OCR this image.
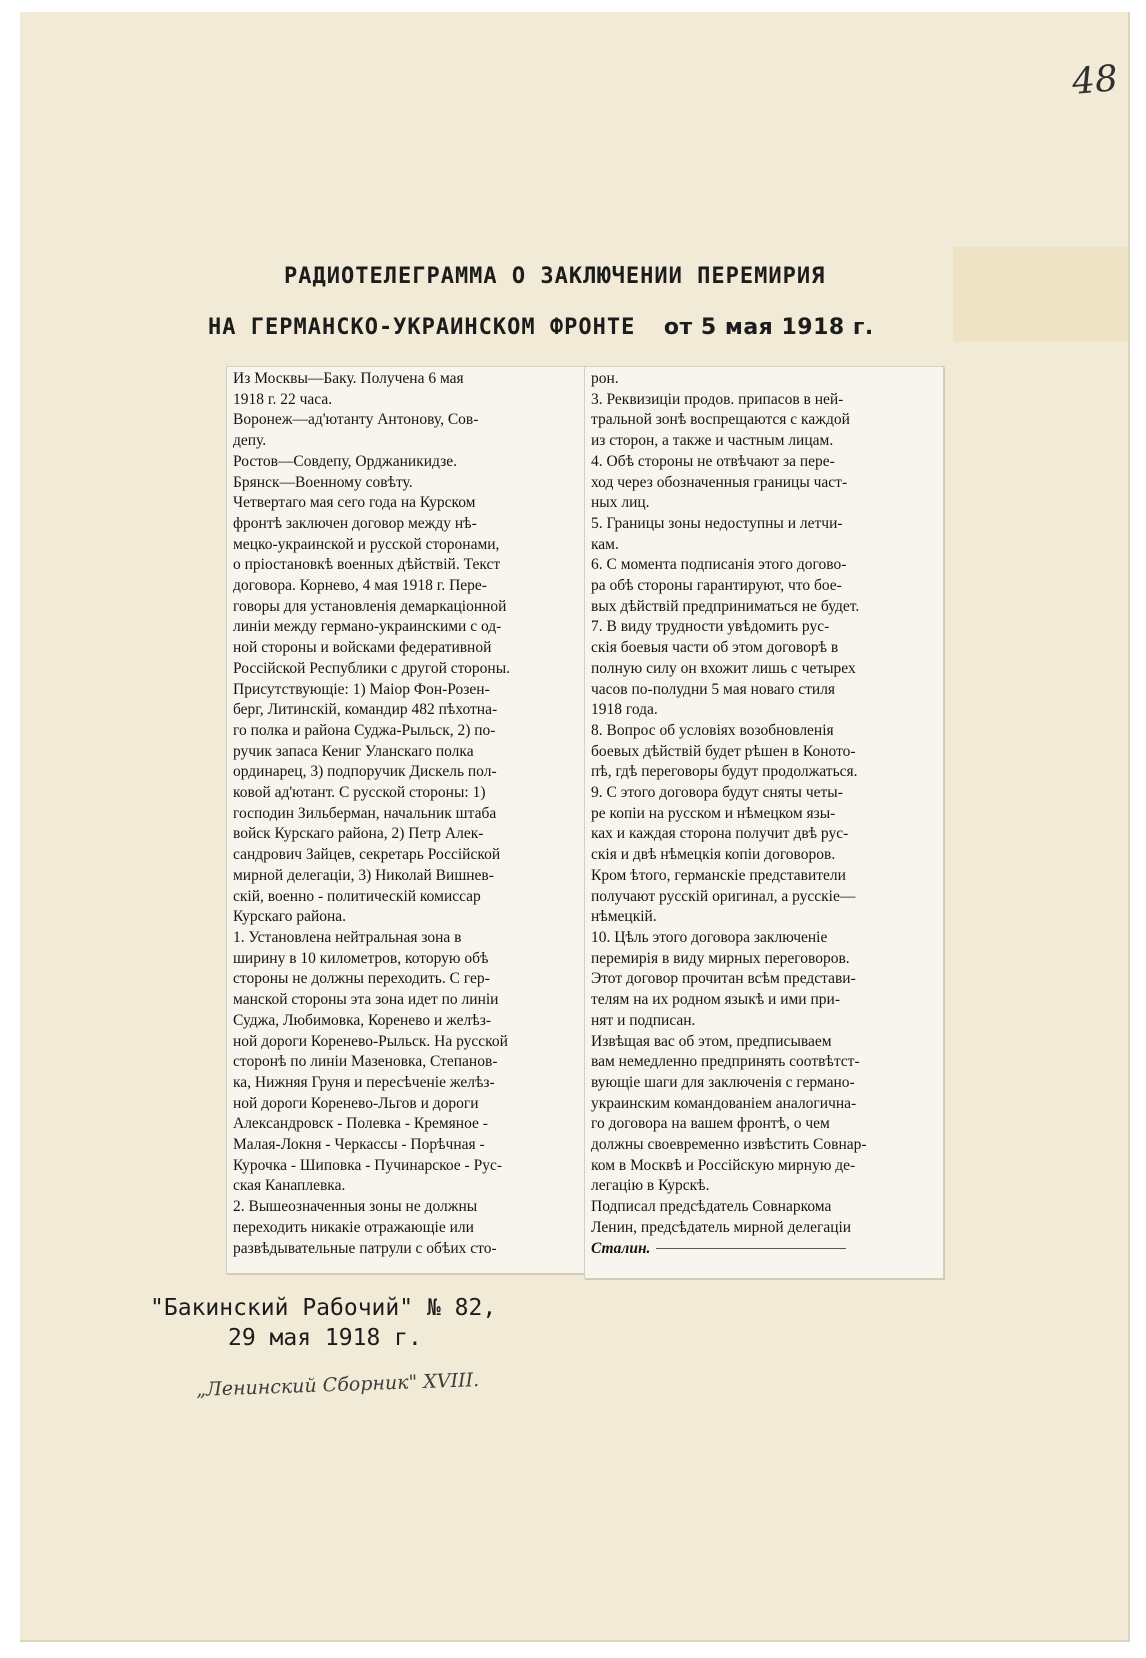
48
РАДИОТЕЛЕГРАММА О ЗАКЛЮЧЕНИИ ПЕРЕМИРИЯ
НА ГЕРМАНСКО-УКРАИНСКОМ ФРОНТЕ от 5 мая 1918 г.
Из Москвы—Баку. Получена 6 мая
1918 г. 22 часа.
Воронеж—ад'ютанту Антонову, Сов-
депу.
Ростов—Совдепу, Орджаникидзе.
Брянск—Военному совѣту.
Четвертаго мая сего года на Курском
фронтѣ заключен договор между нѣ-
мецко-украинской и русской сторонами,
о пріостановкѣ военных дѣйствій. Текст
договора. Корнево, 4 мая 1918 г. Пере-
говоры для установленія демаркаціонной
линіи между германо-украинскими с од-
ной стороны и войсками федеративной
Россійской Республики с другой стороны.
Присутствующіе: 1) Маіор Фон-Розен-
берг, Литинскій, командир 482 пѣхотна-
го полка и района Суджа-Рыльск, 2) по-
ручик запаса Кениг Уланскаго полка
ординарец, 3) подпоручик Дискель пол-
ковой ад'ютант. С русской стороны: 1)
господин Зильберман, начальник штаба
войск Курскаго района, 2) Петр Алек-
сандрович Зайцев, секретарь Россійской
мирной делегаціи, 3) Николай Вишнев-
скій, военно - политическій комиссар
Курскаго района.
1. Установлена нейтральная зона в
ширину в 10 километров, которую обѣ
стороны не должны переходить. С гер-
манской стороны эта зона идет по линіи
Суджа, Любимовка, Коренево и желѣз-
ной дороги Коренево-Рыльск. На русской
сторонѣ по линіи Мазеновка, Степанов-
ка, Нижняя Груня и пересѣченіе желѣз-
ной дороги Коренево-Льгов и дороги
Александровск - Полевка - Кремяное -
Малая-Локня - Черкассы - Порѣчная -
Курочка - Шиповка - Пучинарское - Рус-
ская Канаплевка.
2. Вышеозначенныя зоны не должны
переходить никакіе отражающіе или
развѣдывательные патрули с обѣих сто-
рон.
3. Реквизиціи продов. припасов в ней-
тральной зонѣ воспрещаются с каждой
из сторон, а также и частным лицам.
4. Обѣ стороны не отвѣчают за пере-
ход через обозначенныя границы част-
ных лиц.
5. Границы зоны недоступны и летчи-
кам.
6. С момента подписанія этого догово-
ра обѣ стороны гарантируют, что бое-
вых дѣйствій предприниматься не будет.
7. В виду трудности увѣдомить рус-
скія боевыя части об этом договорѣ в
полную силу он вхожит лишь с четырех
часов по-полудни 5 мая новаго стиля
1918 года.
8. Вопрос об условіях возобновленія
боевых дѣйствій будет рѣшен в Коното-
пѣ, гдѣ переговоры будут продолжаться.
9. С этого договора будут сняты четы-
ре копіи на русском и нѣмецком язы-
ках и каждая сторона получит двѣ рус-
скія и двѣ нѣмецкія копіи договоров.
Кром ѣтого, германскіе представители
получают русскій оригинал, а русскіе—
нѣмецкій.
10. Цѣль этого договора заключеніе
перемирія в виду мирных переговоров.
Этот договор прочитан всѣм представи-
телям на их родном языкѣ и ими при-
нят и подписан.
Извѣщая вас об этом, предписываем
вам немедленно предпринять соотвѣтст-
вующіе шаги для заключенія с германо-
украинским командованіем аналогична-
го договора на вашем фронтѣ, о чем
должны своевременно извѣстить Совнар-
ком в Москвѣ и Россійскую мирную де-
легацію в Курскѣ.
Подписал предсѣдатель Совнаркома
Ленин, предсѣдатель мирной делегаціи
Сталин.

"Бакинский Рабочий" № 82,

29 мая 1918 г.

„Ленинский Сборник" XVIII.
